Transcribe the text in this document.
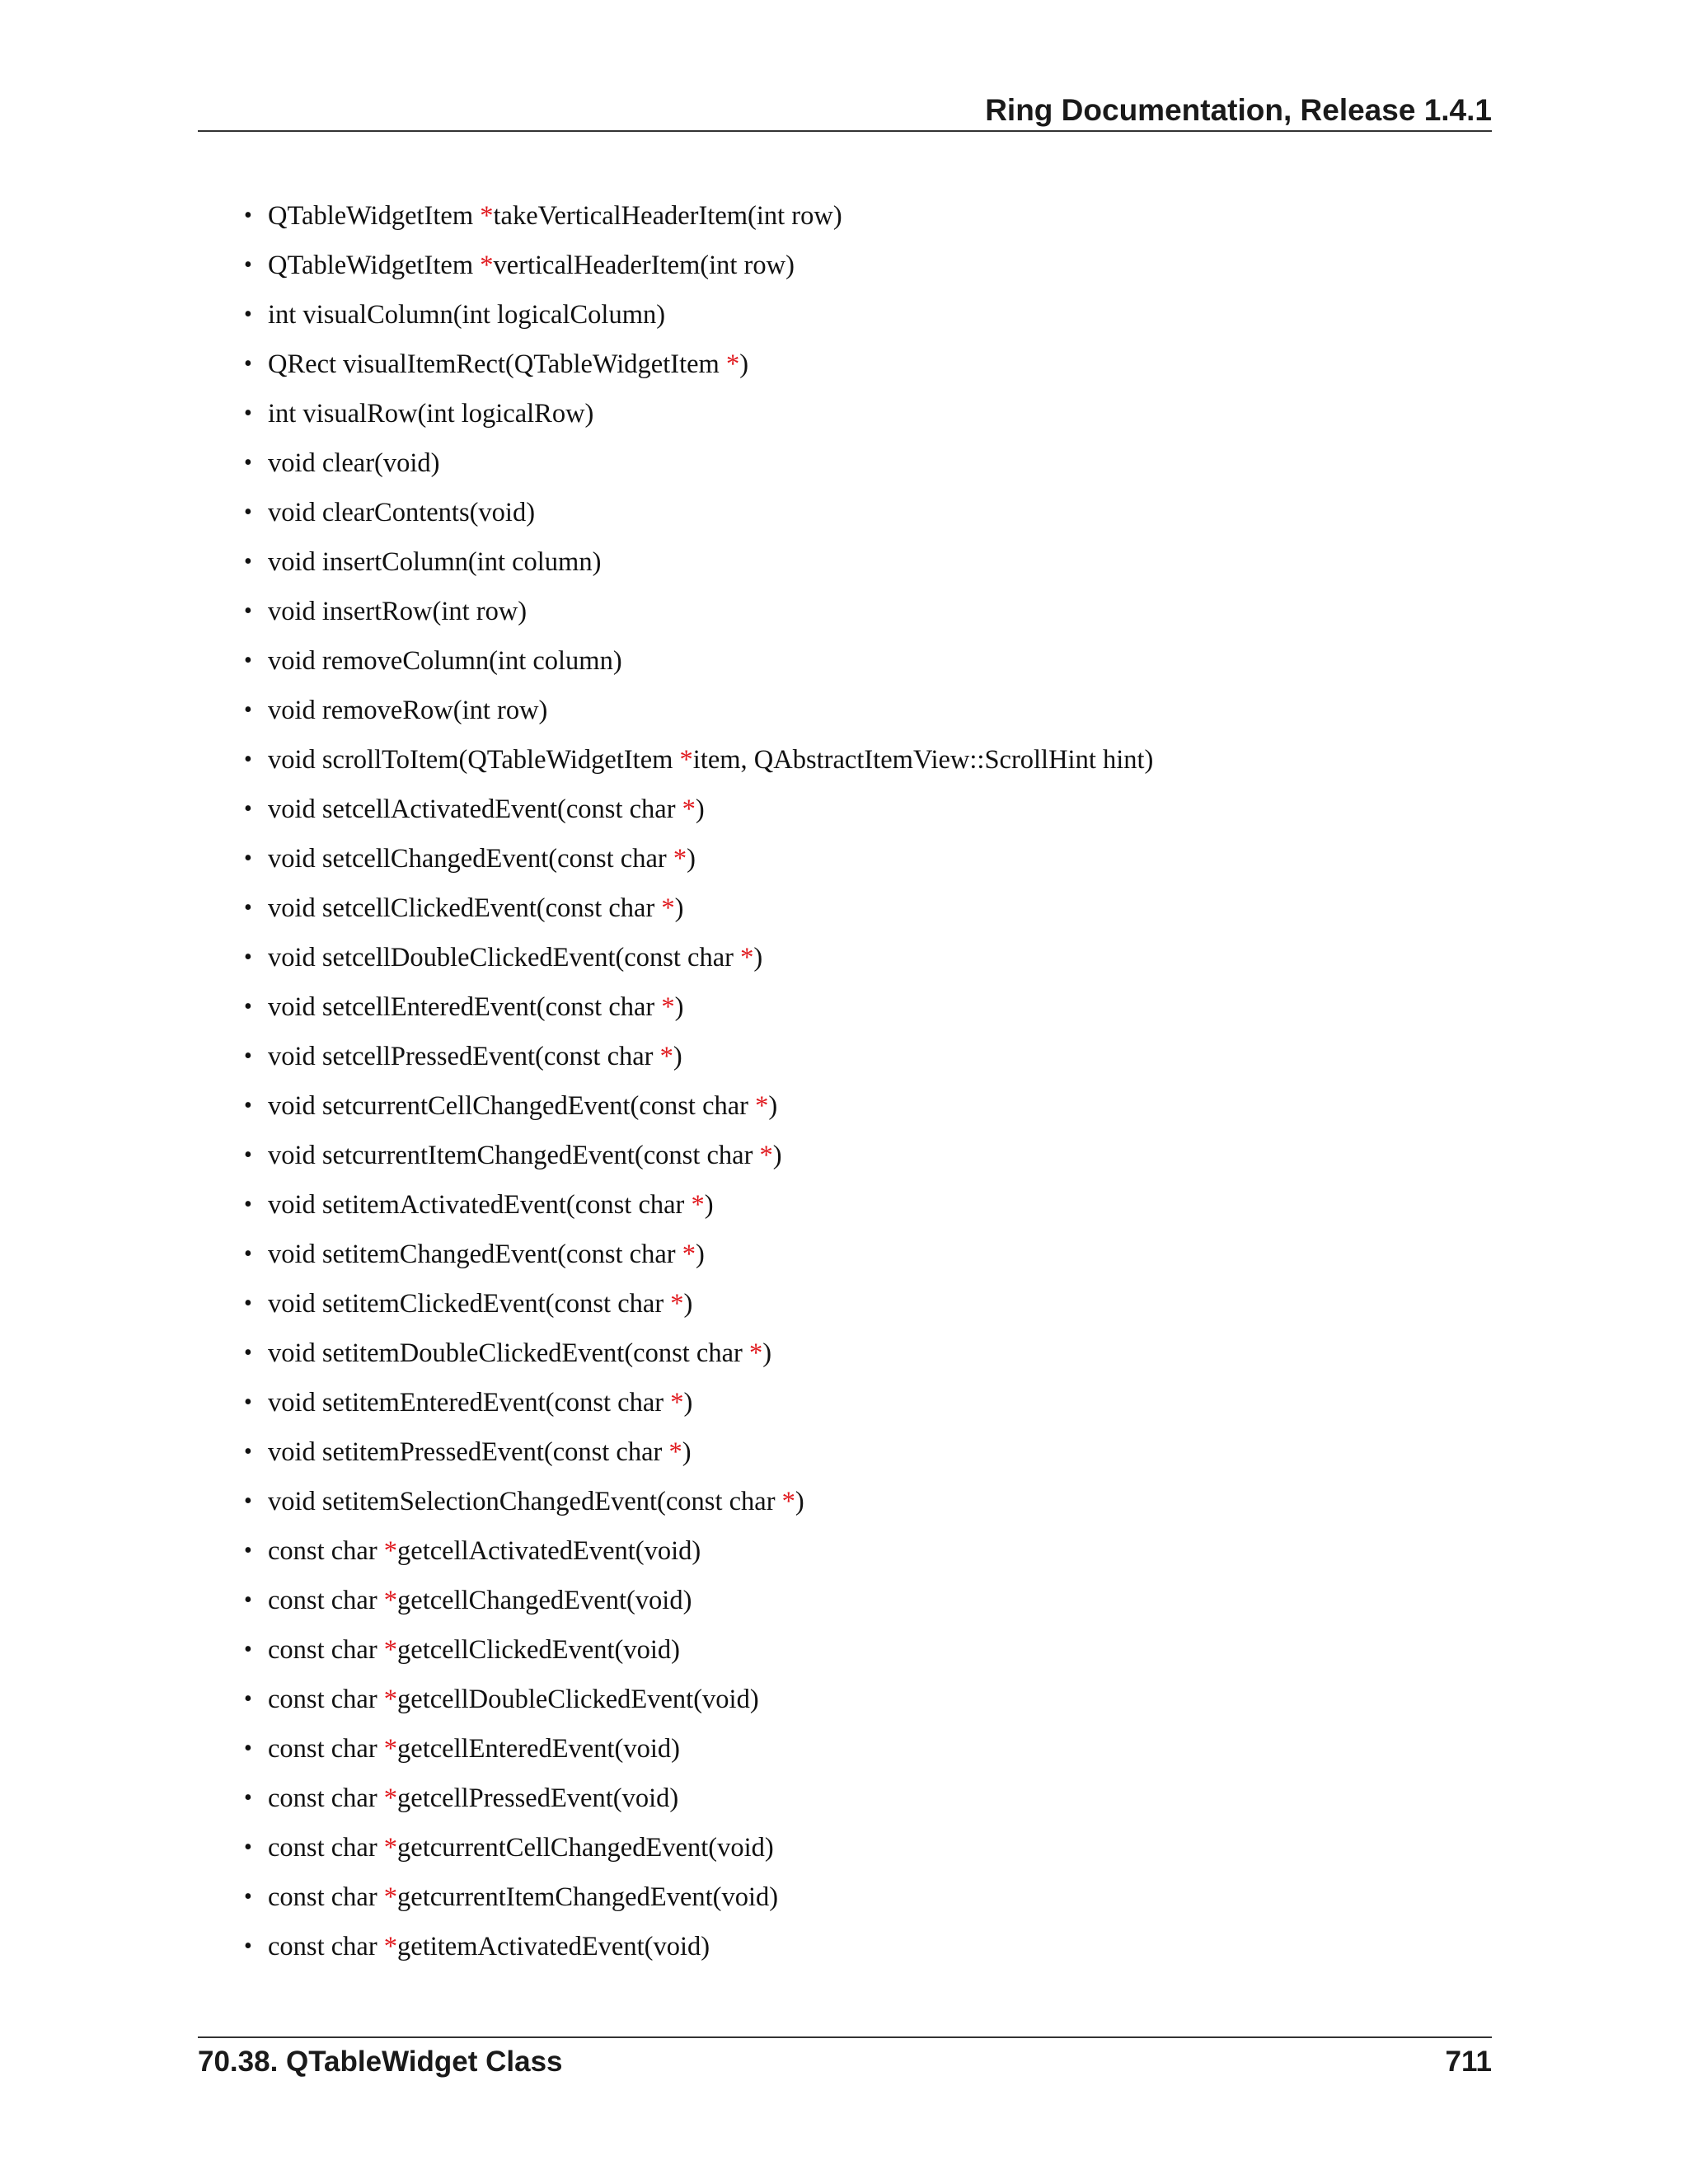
Ring Documentation, Release 1.4.1
• QTableWidgetItem *takeVerticalHeaderItem(int row)
• QTableWidgetItem *verticalHeaderItem(int row)
• int visualColumn(int logicalColumn)
• QRect visualItemRect(QTableWidgetItem *)
• int visualRow(int logicalRow)
• void clear(void)
• void clearContents(void)
• void insertColumn(int column)
• void insertRow(int row)
• void removeColumn(int column)
• void removeRow(int row)
• void scrollToItem(QTableWidgetItem *item, QAbstractItemView::ScrollHint hint)
• void setcellActivatedEvent(const char *)
• void setcellChangedEvent(const char *)
• void setcellClickedEvent(const char *)
• void setcellDoubleClickedEvent(const char *)
• void setcellEnteredEvent(const char *)
• void setcellPressedEvent(const char *)
• void setcurrentCellChangedEvent(const char *)
• void setcurrentItemChangedEvent(const char *)
• void setitemActivatedEvent(const char *)
• void setitemChangedEvent(const char *)
• void setitemClickedEvent(const char *)
• void setitemDoubleClickedEvent(const char *)
• void setitemEnteredEvent(const char *)
• void setitemPressedEvent(const char *)
• void setitemSelectionChangedEvent(const char *)
• const char *getcellActivatedEvent(void)
• const char *getcellChangedEvent(void)
• const char *getcellClickedEvent(void)
• const char *getcellDoubleClickedEvent(void)
• const char *getcellEnteredEvent(void)
• const char *getcellPressedEvent(void)
• const char *getcurrentCellChangedEvent(void)
• const char *getcurrentItemChangedEvent(void)
• const char *getitemActivatedEvent(void)
70.38. QTableWidget Class	711
